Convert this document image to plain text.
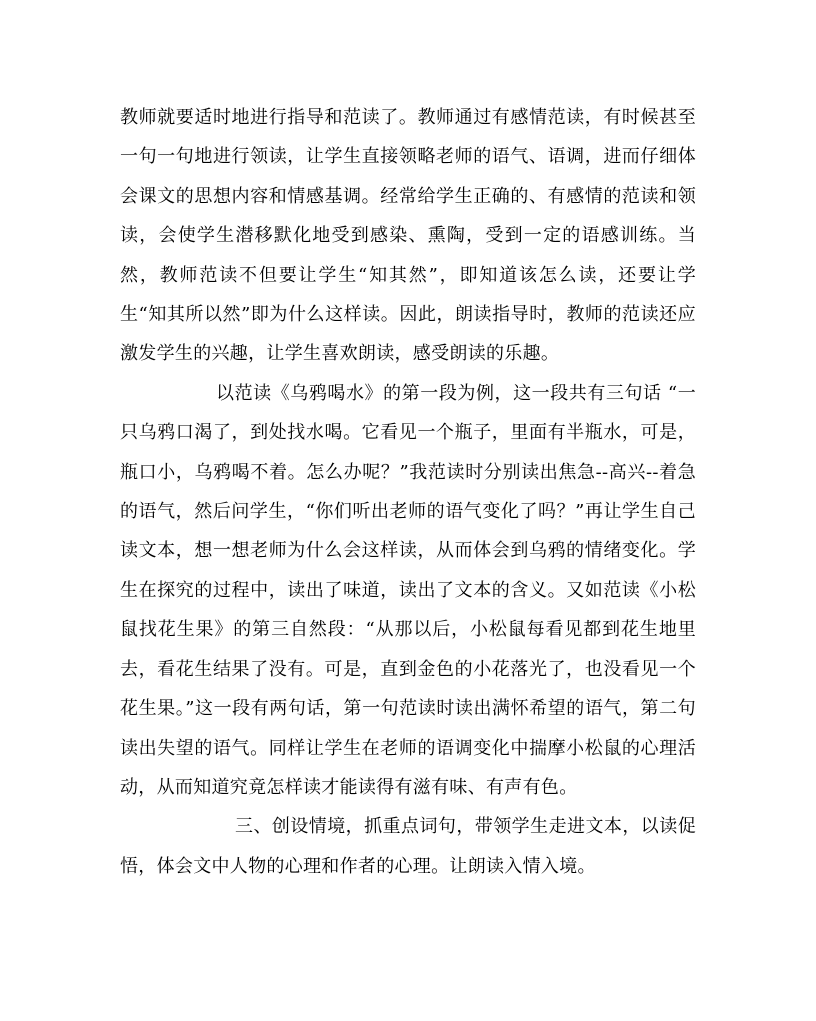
教师就要适时地进行指导和范读了。教师通过有感情范读，有时候甚至一句一句地进行领读，让学生直接领略老师的语气、语调，进而仔细体会课文的思想内容和情感基调。经常给学生正确的、有感情的范读和领读，会使学生潜移默化地受到感染、熏陶，受到一定的语感训练。当然，教师范读不但要让学生“知其然”，即知道该怎么读，还要让学生“知其所以然”即为什么这样读。因此，朗读指导时，教师的范读还应激发学生的兴趣，让学生喜欢朗读，感受朗读的乐趣。

以范读《乌鸦喝水》的第一段为例，这一段共有三句话 “一只乌鸦口渴了，到处找水喝。它看见一个瓶子，里面有半瓶水，可是，瓶口小，乌鸦喝不着。怎么办呢？”我范读时分别读出焦急--高兴--着急的语气，然后问学生，“你们听出老师的语气变化了吗？”再让学生自己读文本，想一想老师为什么会这样读，从而体会到乌鸦的情绪变化。学生在探究的过程中，读出了味道，读出了文本的含义。又如范读《小松鼠找花生果》的第三自然段：“从那以后，小松鼠每看见都到花生地里去，看花生结果了没有。可是，直到金色的小花落光了，也没看见一个花生果。”这一段有两句话，第一句范读时读出满怀希望的语气，第二句读出失望的语气。同样让学生在老师的语调变化中揣摩小松鼠的心理活动，从而知道究竟怎样读才能读得有滋有味、有声有色。

三、创设情境，抓重点词句，带领学生走进文本，以读促悟，体会文中人物的心理和作者的心理。让朗读入情入境。
